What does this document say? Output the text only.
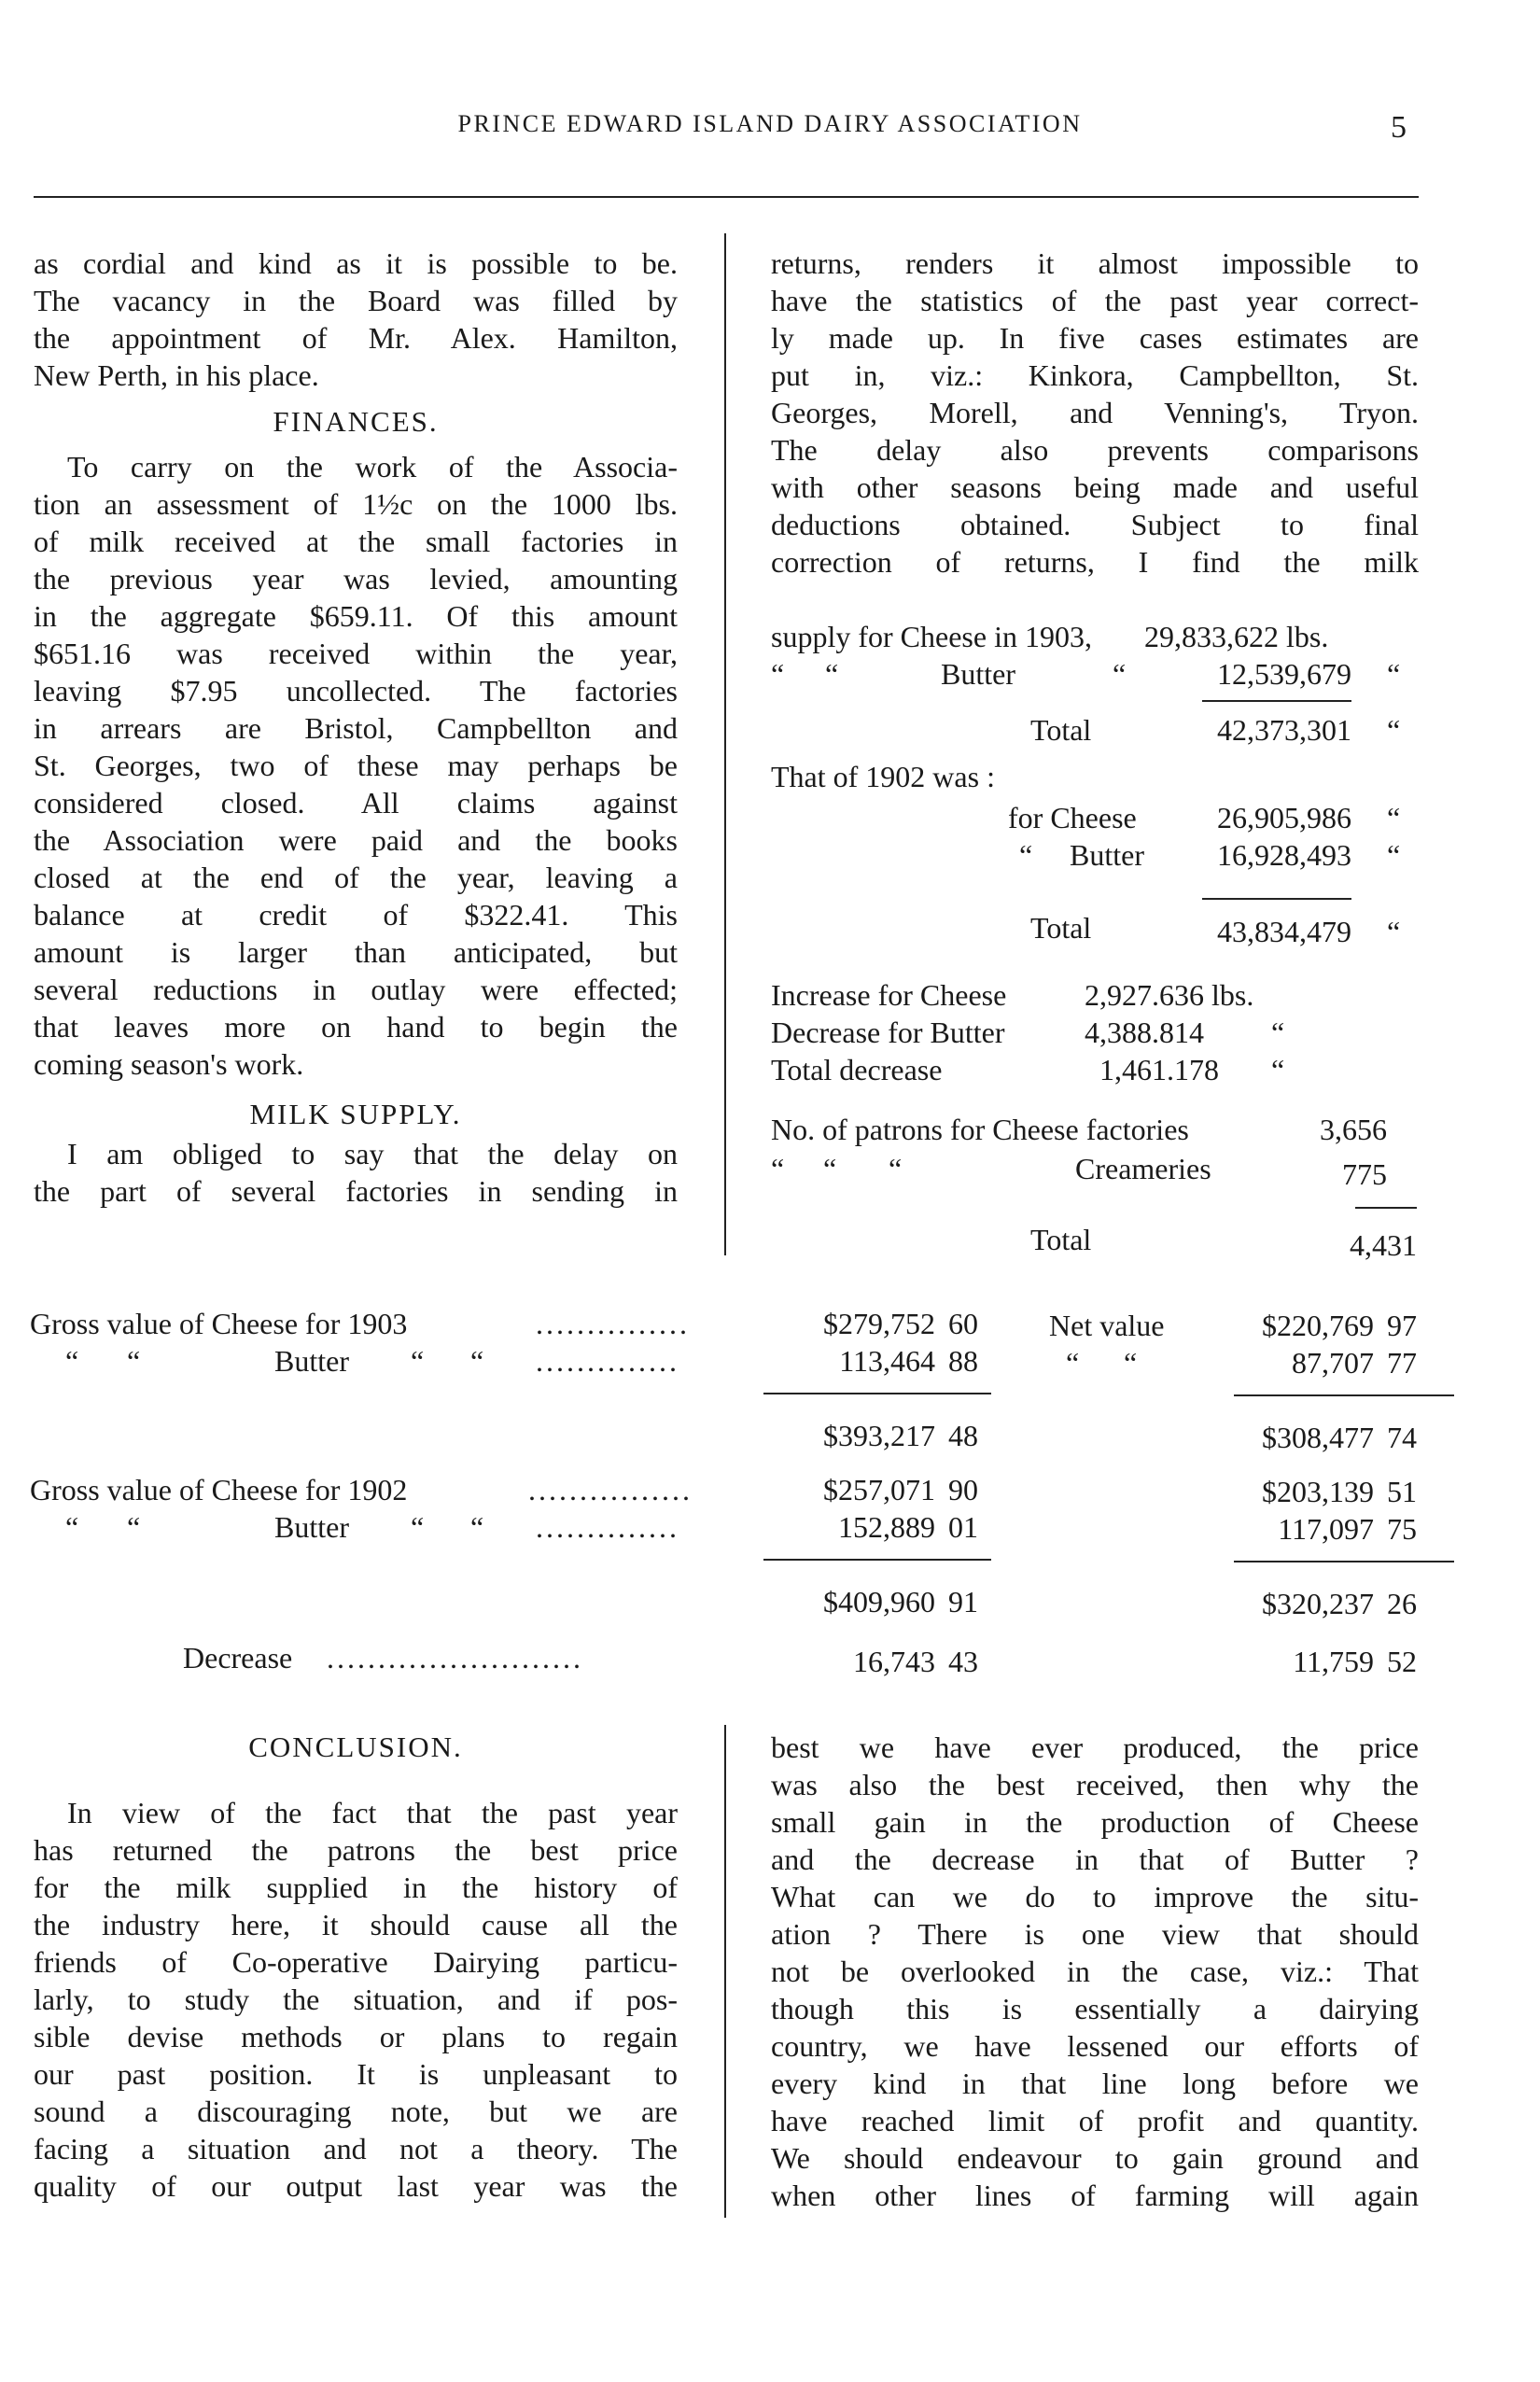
PRINCE EDWARD ISLAND DAIRY ASSOCIATION	5
as cordial and kind as it is possible to be.
The vacancy in the Board was filled by
the appointment of Mr. Alex. Hamilton,
New Perth, in his place.
FINANCES.
To carry on the work of the Associa-
tion an assessment of 1½c on the 1000 lbs.
of milk received at the small factories in
the previous year was levied, amounting
in the aggregate $659.11. Of this amount
$651.16 was received within the year,
leaving $7.95 uncollected. The factories
in arrears are Bristol, Campbellton and
St. Georges, two of these may perhaps be
considered closed. All claims against
the Association were paid and the books
closed at the end of the year, leaving a
balance at credit of $322.41. This
amount is larger than anticipated, but
several reductions in outlay were effected;
that leaves more on hand to begin the
coming season's work.
MILK SUPPLY.
I am obliged to say that the delay on
the part of several factories in sending in
returns, renders it almost impossible to
have the statistics of the past year correct-
ly made up. In five cases estimates are
put in, viz.: Kinkora, Campbellton, St.
Georges, Morell, and Venning's, Tryon.
The delay also prevents comparisons
with other seasons being made and useful
deductions obtained. Subject to final
correction of returns, I find the milk
supply for Cheese in 1903, 29,833,622 lbs.
“ “	Butter	“	12,539,679 “
Total	42,373,301 “
That of 1902 was :
for Cheese	26,905,986 “
“ Butter	16,928,493 “
Total	43,834,479 “
Increase for Cheese	2,927.636 lbs.
Decrease for Butter	4,388.814 “
Total decrease	1,461.178 “
No. of patrons for Cheese factories	3,656
“ “ “	Creameries	775
Total	4,431
Gross value of Cheese for 1903	...............	$279,752 60 Net value	$220,769 97
“ “	Butter “ “ ..............	113,464 88	“ “	87,707 77
$393,217 48	$308,477 74
Gross value of Cheese for 1902	................	$257,071 90	$203,139 51
“ “	Butter “ “ ..............	152,889 01	117,097 75
$409,960 91	$320,237 26
Decrease .........................	16,743 43	11,759 52
CONCLUSION.
In view of the fact that the past year
has returned the patrons the best price
for the milk supplied in the history of
the industry here, it should cause all the
friends of Co-operative Dairying particu-
larly, to study the situation, and if pos-
sible devise methods or plans to regain
our past position. It is unpleasant to
sound a discouraging note, but we are
facing a situation and not a theory. The
quality of our output last year was the
best we have ever produced, the price
was also the best received, then why the
small gain in the production of Cheese
and the decrease in that of Butter ?
What can we do to improve the situ-
ation ? There is one view that should
not be overlooked in the case, viz.: That
though this is essentially a dairying
country, we have lessened our efforts of
every kind in that line long before we
have reached limit of profit and quantity.
We should endeavour to gain ground and
when other lines of farming will again
